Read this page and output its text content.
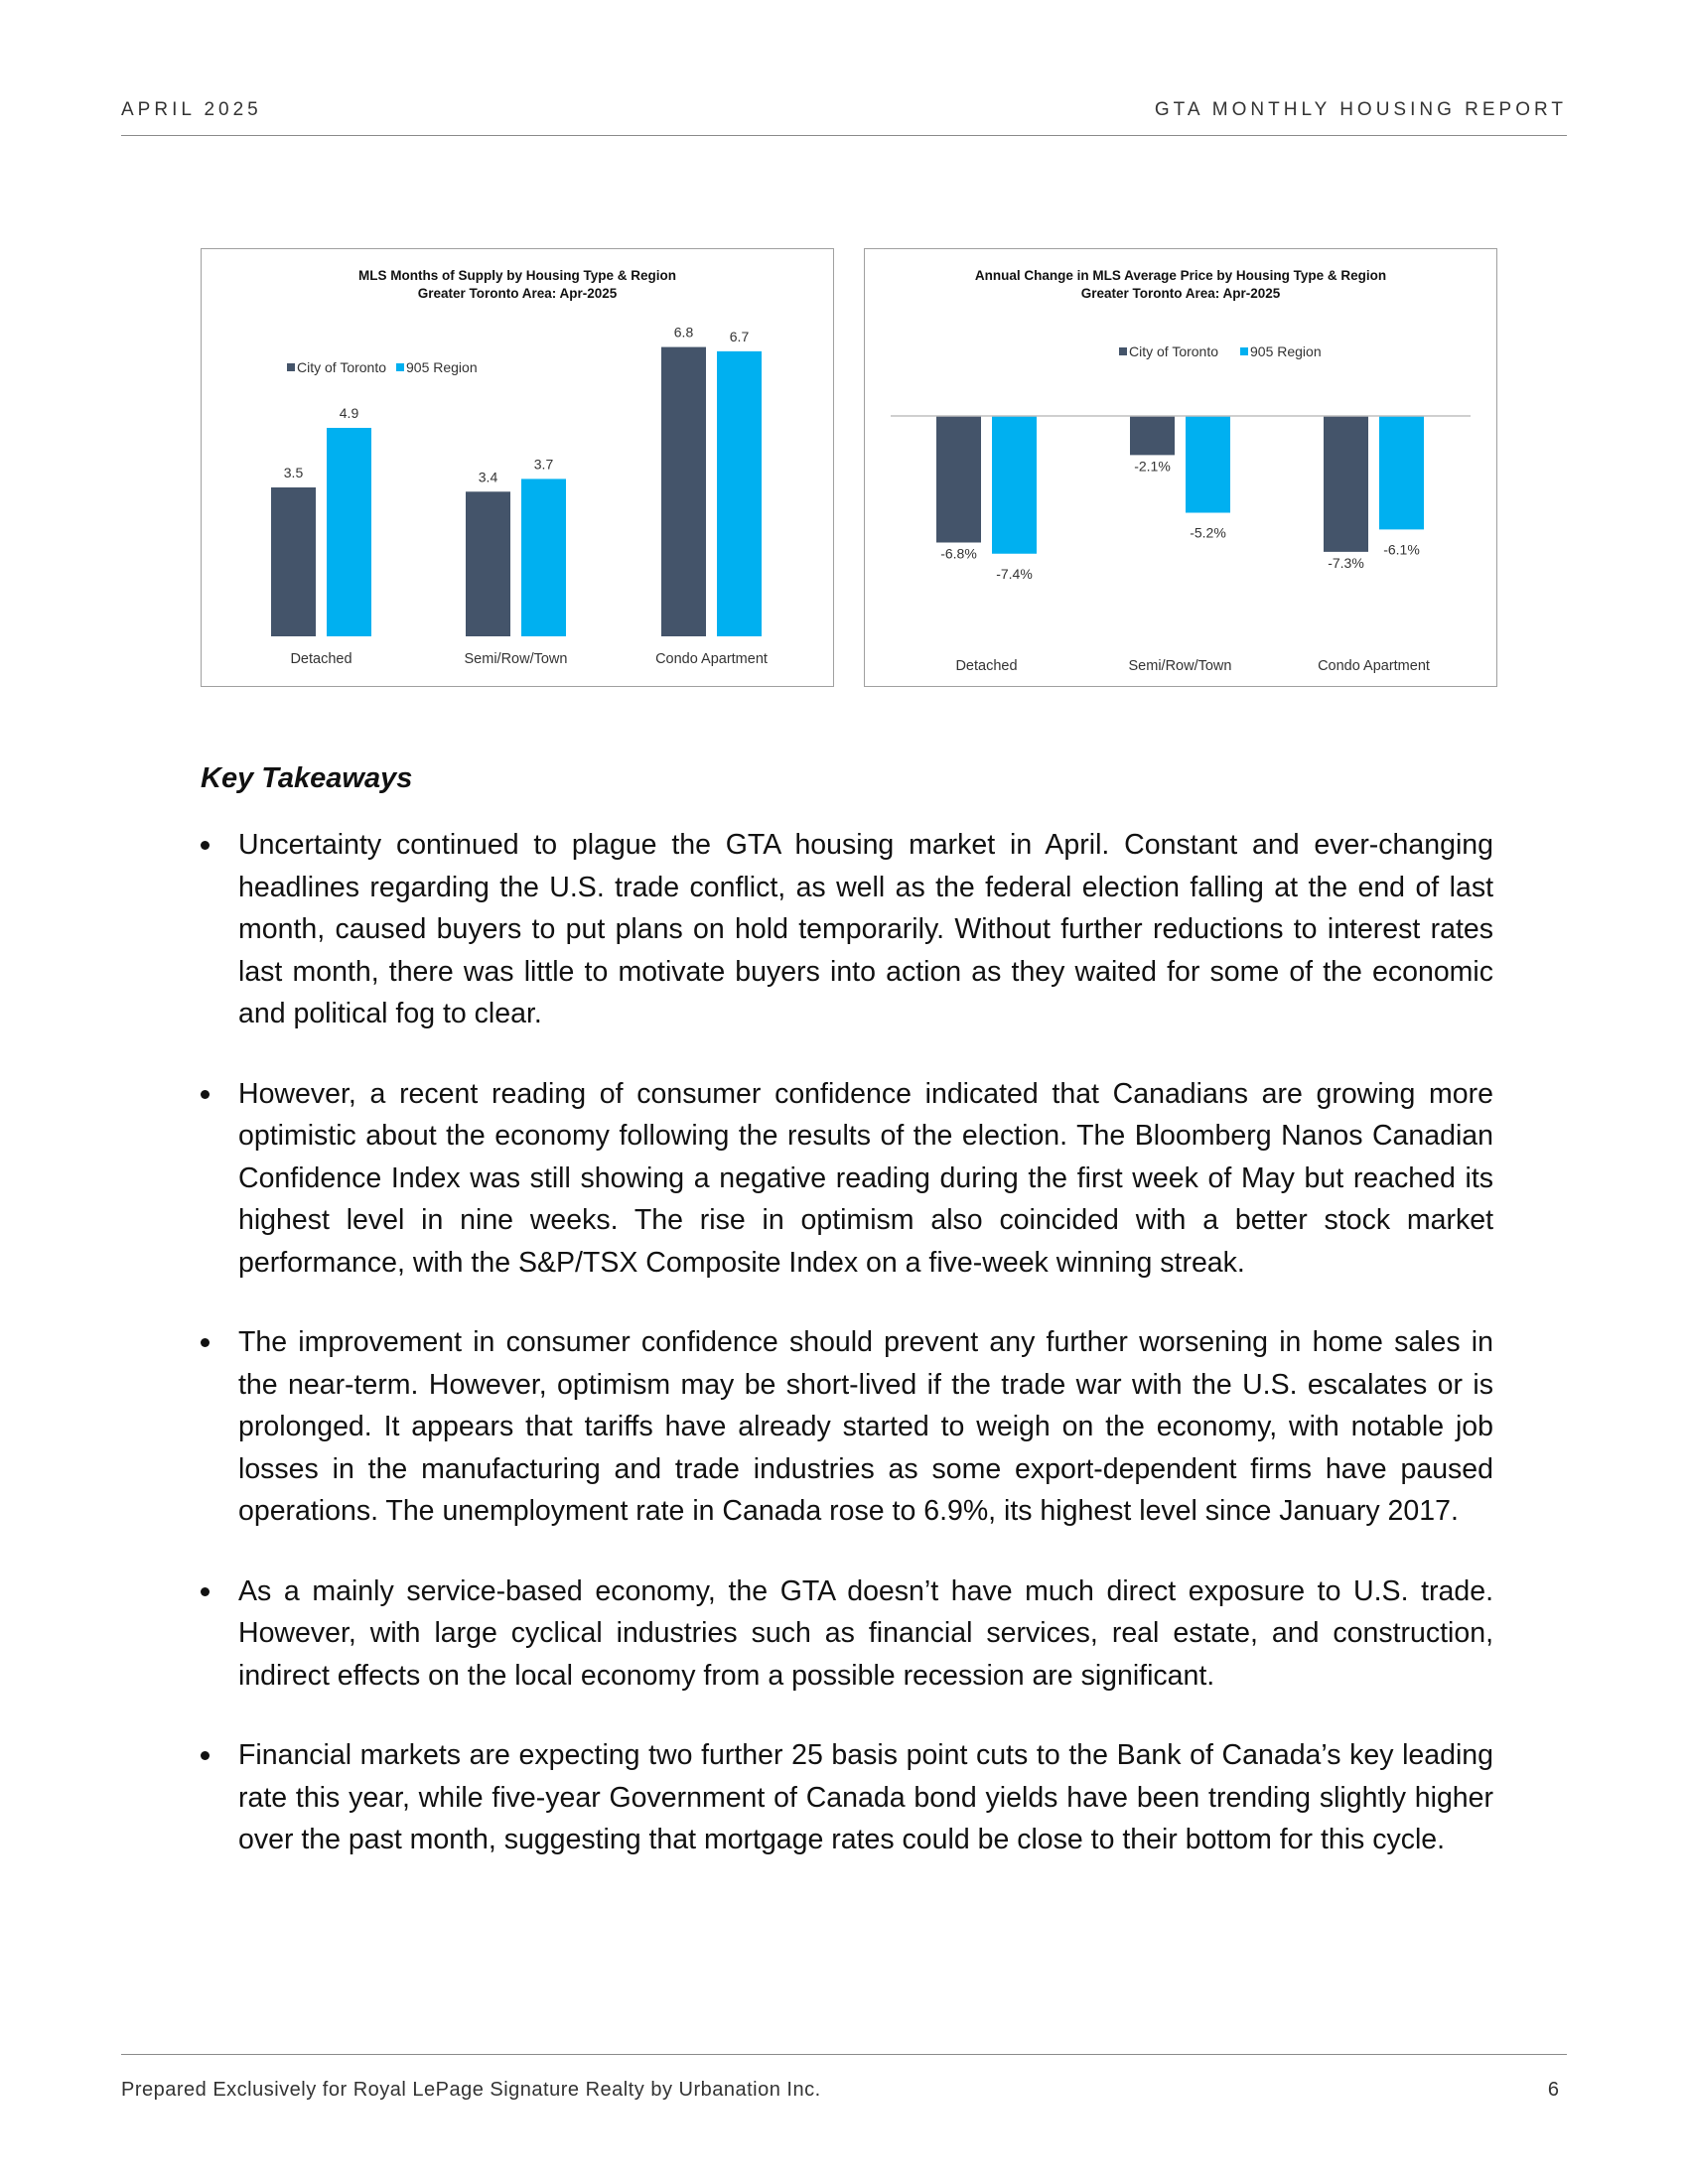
APRIL 2025	GTA MONTHLY HOUSING REPORT
MLS Months of Supply by Housing Type & Region
Greater Toronto Area: Apr-2025
City of Toronto 905 Region
3.5
4.9
Detached
3.4
3.7
Semi/Row/Town
6.8	6.7
Condo Apartment
Annual Change in MLS Average Price by Housing Type & Region
Greater Toronto Area: Apr-2025
City of Toronto 905 Region
-6.8%
-7.4%
Detached
-2.1%
-5.2%
Semi/Row/Town
-7.3%
-6.1%
Condo Apartment
Key Takeaways
Uncertainty continued to plague the GTA housing market in April. Constant and ever-changing headlines regarding the U.S. trade conflict, as well as the federal election falling at the end of last month, caused buyers to put plans on hold temporarily. Without further reductions to interest rates last month, there was little to motivate buyers into action as they waited for some of the economic and political fog to clear.
However, a recent reading of consumer confidence indicated that Canadians are growing more optimistic about the economy following the results of the election. The Bloomberg Nanos Canadian Confidence Index was still showing a negative reading during the first week of May but reached its highest level in nine weeks. The rise in optimism also coincided with a better stock market performance, with the S&P/TSX Composite Index on a five-week winning streak.
The improvement in consumer confidence should prevent any further worsening in home sales in the near-term. However, optimism may be short-lived if the trade war with the U.S. escalates or is prolonged. It appears that tariffs have already started to weigh on the economy, with notable job losses in the manufacturing and trade industries as some export-dependent firms have paused operations. The unemployment rate in Canada rose to 6.9%, its highest level since January 2017.
As a mainly service-based economy, the GTA doesn’t have much direct exposure to U.S. trade. However, with large cyclical industries such as financial services, real estate, and construction, indirect effects on the local economy from a possible recession are significant.
Financial markets are expecting two further 25 basis point cuts to the Bank of Canada’s key leading rate this year, while five-year Government of Canada bond yields have been trending slightly higher over the past month, suggesting that mortgage rates could be close to their bottom for this cycle.
Prepared Exclusively for Royal LePage Signature Realty by Urbanation Inc.	6
